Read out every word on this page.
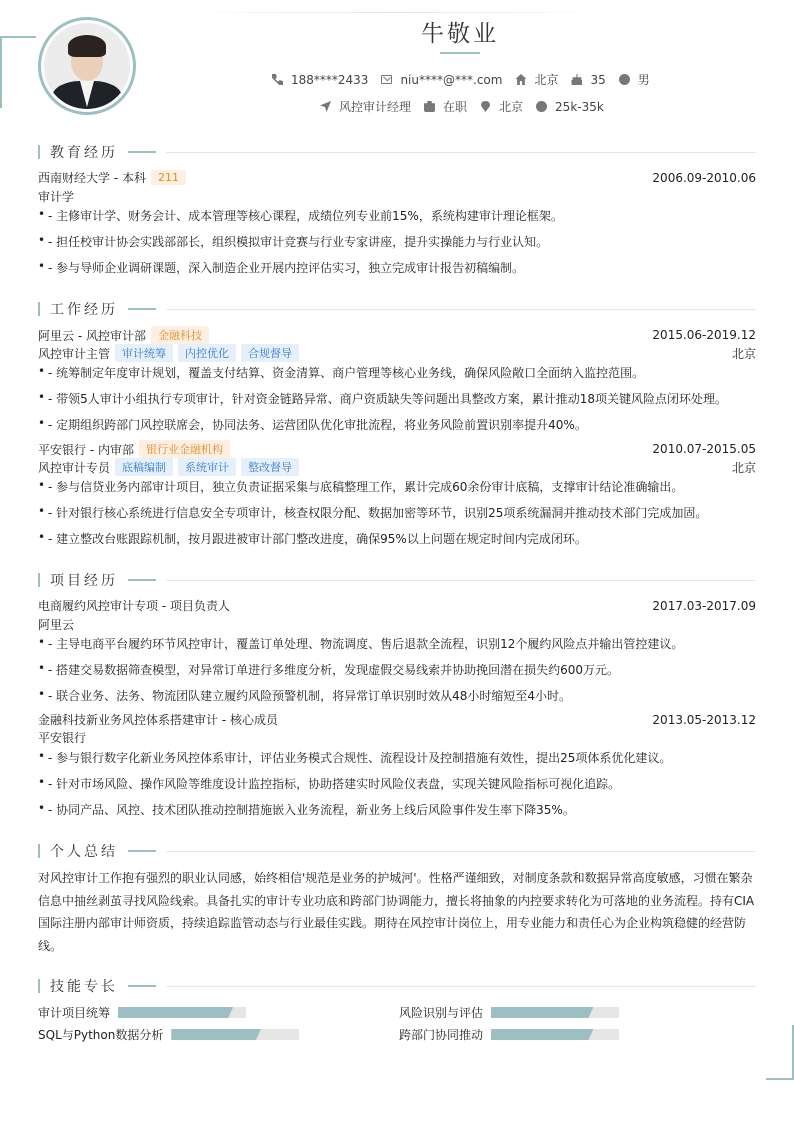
牛敬业
188****2433	niu****@***.com	北京	35	男
风控审计经理	在职	北京	25k-35k
教育经历
西南财经大学 - 本科	211	2006.09-2010.06
审计学
• - 主修审计学、财务会计、成本管理等核心课程，成绩位列专业前15%，系统构建审计理论框架。
• - 担任校审计协会实践部部长，组织模拟审计竞赛与行业专家讲座，提升实操能力与行业认知。
• - 参与导师企业调研课题，深入制造企业开展内控评估实习，独立完成审计报告初稿编制。
工作经历
阿里云 - 风控审计部	金融科技	2015.06-2019.12
风控审计主管	审计统筹	内控优化	合规督导	北京
• - 统筹制定年度审计规划，覆盖支付结算、资金清算、商户管理等核心业务线，确保风险敞口全面纳入监控范围。
• - 带领5人审计小组执行专项审计，针对资金链路异常、商户资质缺失等问题出具整改方案，累计推动18项关键风险点闭环处理。
• - 定期组织跨部门风控联席会，协同法务、运营团队优化审批流程，将业务风险前置识别率提升40%。
平安银行 - 内审部	银行业金融机构	2010.07-2015.05
风控审计专员	底稿编制	系统审计	整改督导	北京
• - 参与信贷业务内部审计项目，独立负责证据采集与底稿整理工作，累计完成60余份审计底稿，支撑审计结论准确输出。
• - 针对银行核心系统进行信息安全专项审计，核查权限分配、数据加密等环节，识别25项系统漏洞并推动技术部门完成加固。
• - 建立整改台账跟踪机制，按月跟进被审计部门整改进度，确保95%以上问题在规定时间内完成闭环。
项目经历
电商履约风控审计专项 - 项目负责人	2017.03-2017.09
阿里云
• - 主导电商平台履约环节风控审计，覆盖订单处理、物流调度、售后退款全流程，识别12个履约风险点并输出管控建议。
• - 搭建交易数据筛查模型，对异常订单进行多维度分析，发现虚假交易线索并协助挽回潜在损失约600万元。
• - 联合业务、法务、物流团队建立履约风险预警机制，将异常订单识别时效从48小时缩短至4小时。
金融科技新业务风控体系搭建审计 - 核心成员	2013.05-2013.12
平安银行
• - 参与银行数字化新业务风控体系审计，评估业务模式合规性、流程设计及控制措施有效性，提出25项体系优化建议。
• - 针对市场风险、操作风险等维度设计监控指标，协助搭建实时风险仪表盘，实现关键风险指标可视化追踪。
• - 协同产品、风控、技术团队推动控制措施嵌入业务流程，新业务上线后风险事件发生率下降35%。
个人总结
对风控审计工作抱有强烈的职业认同感，始终相信'规范是业务的护城河'。性格严谨细致，对制度条款和数据异常高度敏感，习惯在繁杂信息中抽丝剥茧寻找风险线索。具备扎实的审计专业功底和跨部门协调能力，擅长将抽象的内控要求转化为可落地的业务流程。持有CIA国际注册内部审计师资质，持续追踪监管动态与行业最佳实践。期待在风控审计岗位上，用专业能力和责任心为企业构筑稳健的经营防线。
技能专长
审计项目统筹	风险识别与评估
SQL与Python数据分析	跨部门协同推动
